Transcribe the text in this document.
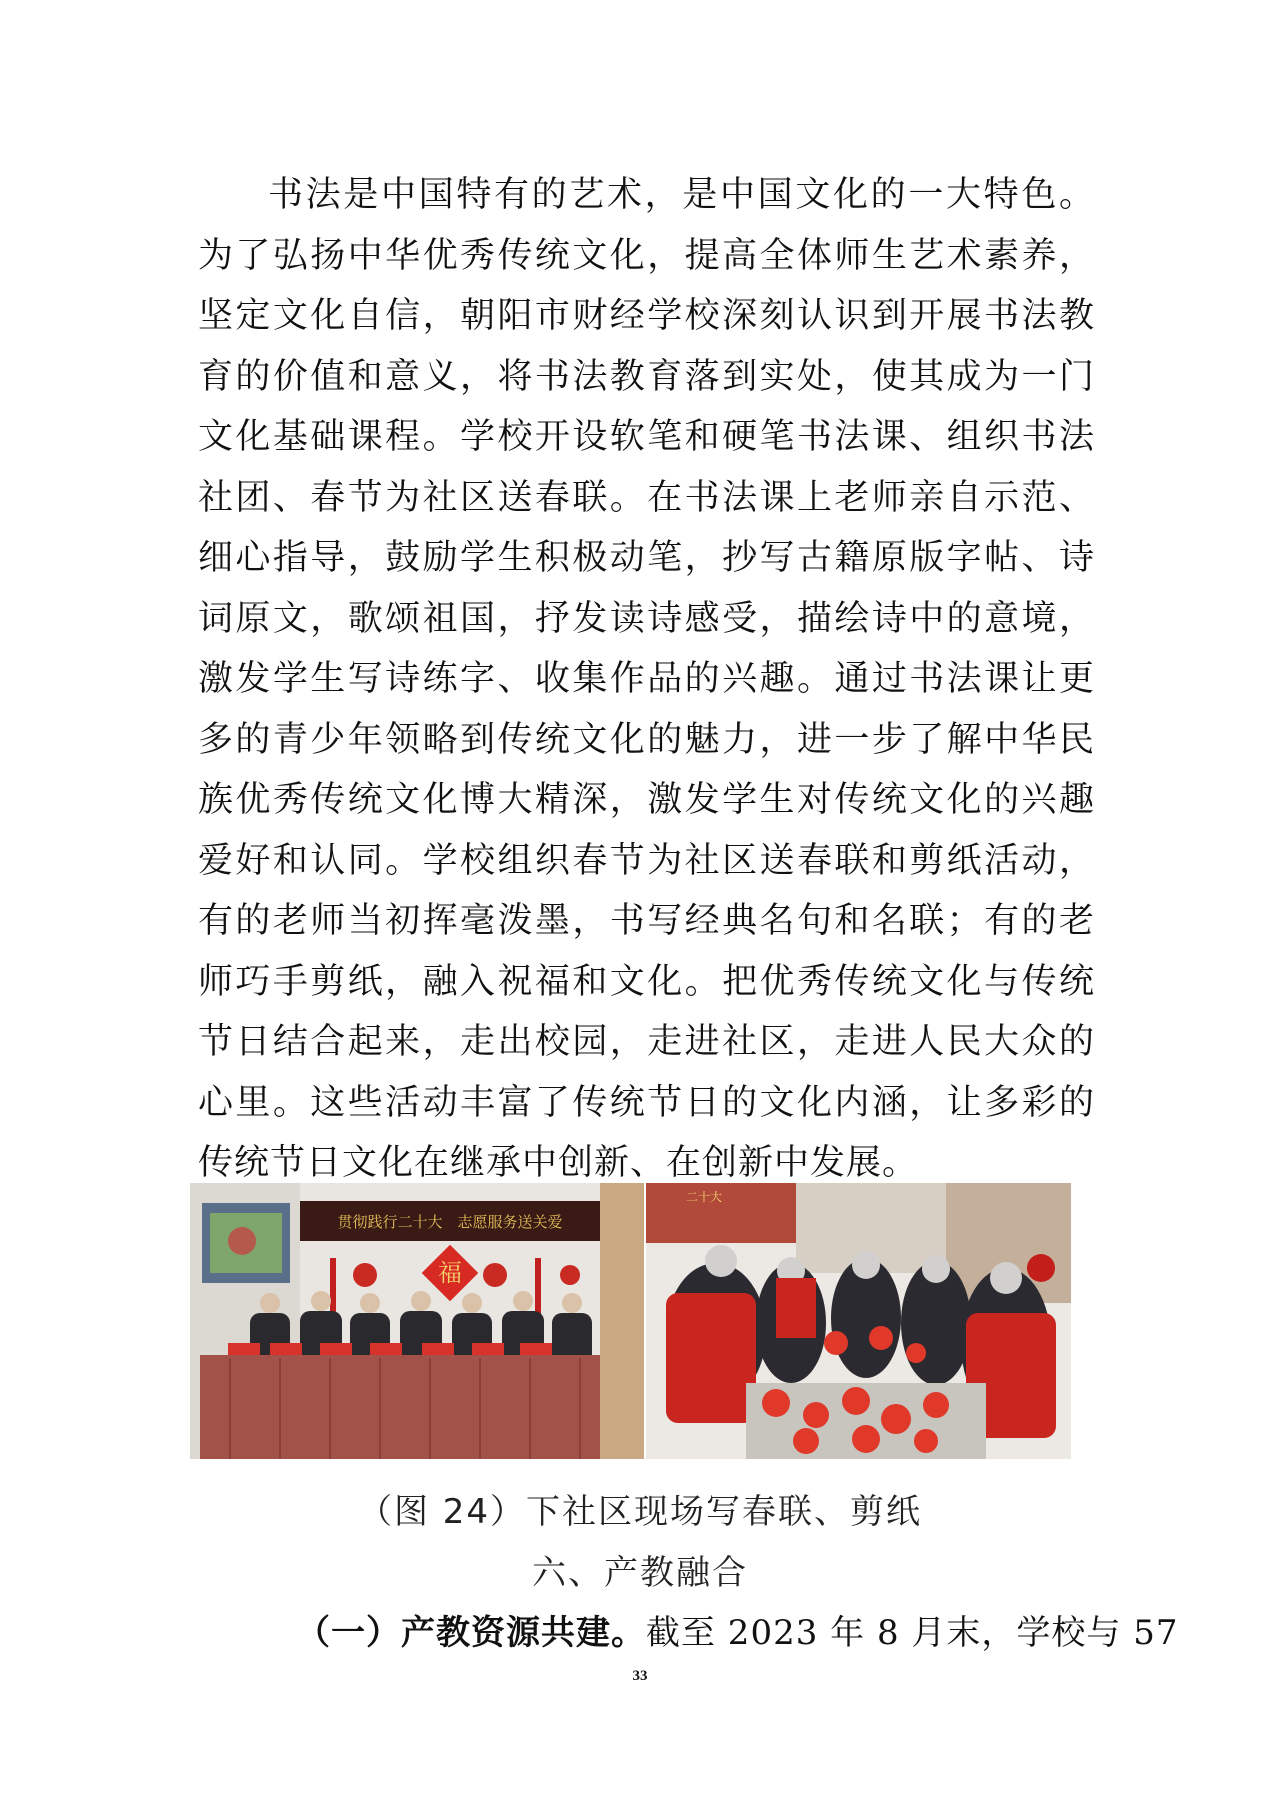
书法是中国特有的艺术，是中国文化的一大特色。为了弘扬中华优秀传统文化，提高全体师生艺术素养，坚定文化自信，朝阳市财经学校深刻认识到开展书法教育的价值和意义，将书法教育落到实处，使其成为一门文化基础课程。学校开设软笔和硬笔书法课、组织书法社团、春节为社区送春联。在书法课上老师亲自示范、细心指导，鼓励学生积极动笔，抄写古籍原版字帖、诗词原文，歌颂祖国，抒发读诗感受，描绘诗中的意境，激发学生写诗练字、收集作品的兴趣。通过书法课让更多的青少年领略到传统文化的魅力，进一步了解中华民族优秀传统文化博大精深，激发学生对传统文化的兴趣爱好和认同。学校组织春节为社区送春联和剪纸活动，有的老师当初挥毫泼墨，书写经典名句和名联；有的老师巧手剪纸，融入祝福和文化。把优秀传统文化与传统节日结合起来，走出校园，走进社区，走进人民大众的心里。这些活动丰富了传统节日的文化内涵，让多彩的传统节日文化在继承中创新、在创新中发展。
贯彻践行二十大　志愿服务送关爱
福
二十大
（图 24）下社区现场写春联、剪纸
六、产教融合
（一）产教资源共建。截至 2023 年 8 月末，学校与 57
33
